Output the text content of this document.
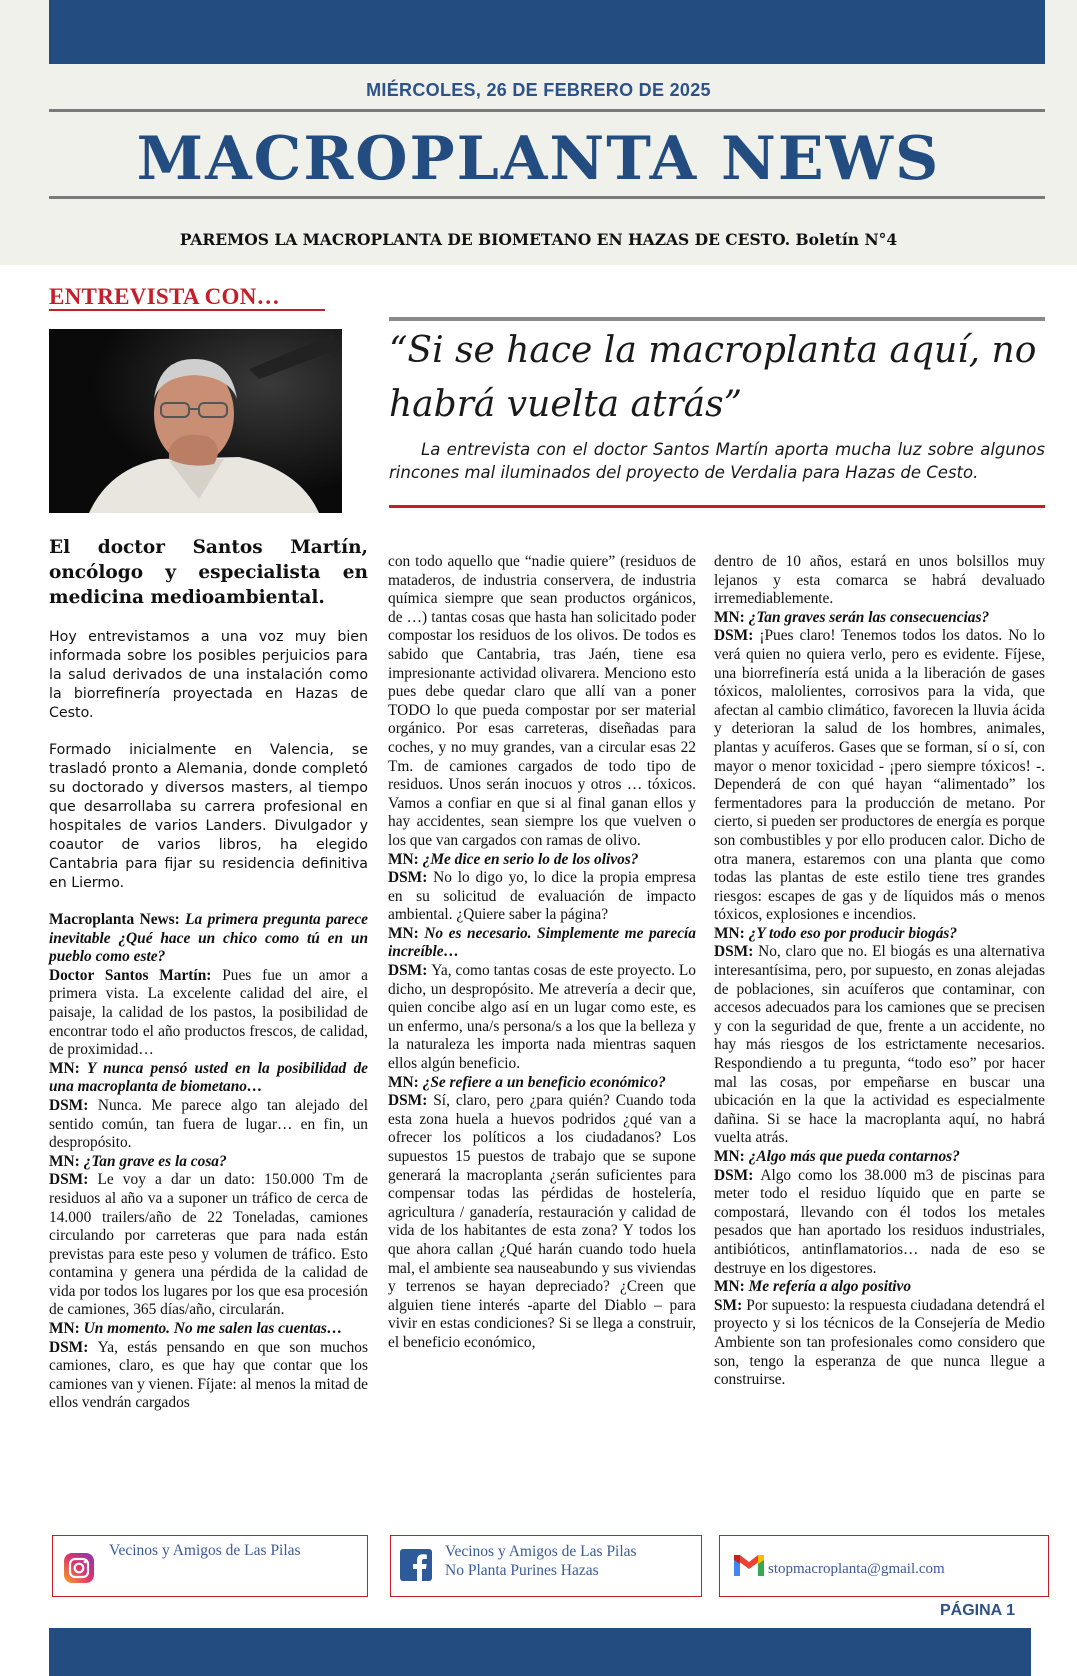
MIÉRCOLES, 26 DE FEBRERO DE 2025
MACROPLANTA NEWS
PAREMOS LA MACROPLANTA DE BIOMETANO EN HAZAS DE CESTO. Boletín N°4
ENTREVISTA CON…
“Si se hace la macroplanta aquí, no habrá vuelta atrás”
La entrevista con el doctor Santos Martín aporta mucha luz sobre algunos rincones mal iluminados del proyecto de Verdalia para Hazas de Cesto.
El doctor Santos Martín, oncólogo y especialista en medicina medioambiental.

Hoy entrevistamos a una voz muy bien informada sobre los posibles perjuicios para la salud derivados de una instalación como la biorrefinería proyectada en Hazas de Cesto.

Formado inicialmente en Valencia, se trasladó pronto a Alemania, donde completó su doctorado y diversos masters, al tiempo que desarrollaba su carrera profesional en hospitales de varios Landers. Divulgador y coautor de varios libros, ha elegido Cantabria para fijar su residencia definitiva en Liermo.

Macroplanta News: La primera pregunta parece inevitable ¿Qué hace un chico como tú en un pueblo como este?

Doctor Santos Martín: Pues fue un amor a primera vista. La excelente calidad del aire, el paisaje, la calidad de los pastos, la posibilidad de encontrar todo el año productos frescos, de calidad, de proximidad…

MN: Y nunca pensó usted en la posibilidad de una macroplanta de biometano…

DSM: Nunca. Me parece algo tan alejado del sentido común, tan fuera de lugar… en fin, un despropósito.

MN: ¿Tan grave es la cosa?

DSM: Le voy a dar un dato: 150.000 Tm de residuos al año va a suponer un tráfico de cerca de 14.000 trailers/año de 22 Toneladas, camiones circulando por carreteras que para nada están previstas para este peso y volumen de tráfico. Esto contamina y genera una pérdida de la calidad de vida por todos los lugares por los que esa procesión de camiones, 365 días/año, circularán.

MN: Un momento. No me salen las cuentas…

DSM: Ya, estás pensando en que son muchos camiones, claro, es que hay que contar que los camiones van y vienen. Fíjate: al menos la mitad de ellos vendrán cargados

con todo aquello que “nadie quiere” (residuos de mataderos, de industria conservera, de industria química siempre que sean productos orgánicos, de …) tantas cosas que hasta han solicitado poder compostar los residuos de los olivos. De todos es sabido que Cantabria, tras Jaén, tiene esa impresionante actividad olivarera. Menciono esto pues debe quedar claro que allí van a poner TODO lo que pueda compostar por ser material orgánico. Por esas carreteras, diseñadas para coches, y no muy grandes, van a circular esas 22 Tm. de camiones cargados de todo tipo de residuos. Unos serán inocuos y otros … tóxicos. Vamos a confiar en que si al final ganan ellos y hay accidentes, sean siempre los que vuelven o los que van cargados con ramas de olivo.

MN: ¿Me dice en serio lo de los olivos?

DSM: No lo digo yo, lo dice la propia empresa en su solicitud de evaluación de impacto ambiental. ¿Quiere saber la página?

MN: No es necesario. Simplemente me parecía increíble…

DSM: Ya, como tantas cosas de este proyecto. Lo dicho, un despropósito. Me atrevería a decir que, quien concibe algo así en un lugar como este, es un enfermo, una/s persona/s a los que la belleza y la naturaleza les importa nada mientras saquen ellos algún beneficio.

MN: ¿Se refiere a un beneficio económico?

DSM: Sí, claro, pero ¿para quién? Cuando toda esta zona huela a huevos podridos ¿qué van a ofrecer los políticos a los ciudadanos? Los supuestos 15 puestos de trabajo que se supone generará la macroplanta ¿serán suficientes para compensar todas las pérdidas de hostelería, agricultura / ganadería, restauración y calidad de vida de los habitantes de esta zona? Y todos los que ahora callan ¿Qué harán cuando todo huela mal, el ambiente sea nauseabundo y sus viviendas y terrenos se hayan depreciado? ¿Creen que alguien tiene interés -aparte del Diablo – para vivir en estas condiciones? Si se llega a construir, el beneficio económico,

dentro de 10 años, estará en unos bolsillos muy lejanos y esta comarca se habrá devaluado irremediablemente.

MN: ¿Tan graves serán las consecuencias?

DSM: ¡Pues claro! Tenemos todos los datos. No lo verá quien no quiera verlo, pero es evidente. Fíjese, una biorrefinería está unida a la liberación de gases tóxicos, malolientes, corrosivos para la vida, que afectan al cambio climático, favorecen la lluvia ácida y deterioran la salud de los hombres, animales, plantas y acuíferos. Gases que se forman, sí o sí, con mayor o menor toxicidad - ¡pero siempre tóxicos! -. Dependerá de con qué hayan “alimentado” los fermentadores para la producción de metano. Por cierto, si pueden ser productores de energía es porque son combustibles y por ello producen calor. Dicho de otra manera, estaremos con una planta que como todas las plantas de este estilo tiene tres grandes riesgos: escapes de gas y de líquidos más o menos tóxicos, explosiones e incendios.

MN: ¿Y todo eso por producir biogás?

DSM: No, claro que no. El biogás es una alternativa interesantísima, pero, por supuesto, en zonas alejadas de poblaciones, sin acuíferos que contaminar, con accesos adecuados para los camiones que se precisen y con la seguridad de que, frente a un accidente, no hay más riesgos de los estrictamente necesarios. Respondiendo a tu pregunta, “todo eso” por hacer mal las cosas, por empeñarse en buscar una ubicación en la que la actividad es especialmente dañina. Si se hace la macroplanta aquí, no habrá vuelta atrás.

MN: ¿Algo más que pueda contarnos?

DSM: Algo como los 38.000 m3 de piscinas para meter todo el residuo líquido que en parte se compostará, llevando con él todos los metales pesados que han aportado los residuos industriales, antibióticos, antinflamatorios… nada de eso se destruye en los digestores.

MN: Me refería a algo positivo

SM: Por supuesto: la respuesta ciudadana detendrá el proyecto y si los técnicos de la Consejería de Medio Ambiente son tan profesionales como considero que son, tengo la esperanza de que nunca llegue a construirse.

Vecinos y Amigos de Las Pilas	Vecinos y Amigos de Las Pilas
No Planta Purines Hazas	stopmacroplanta@gmail.com
PÁGINA 1
